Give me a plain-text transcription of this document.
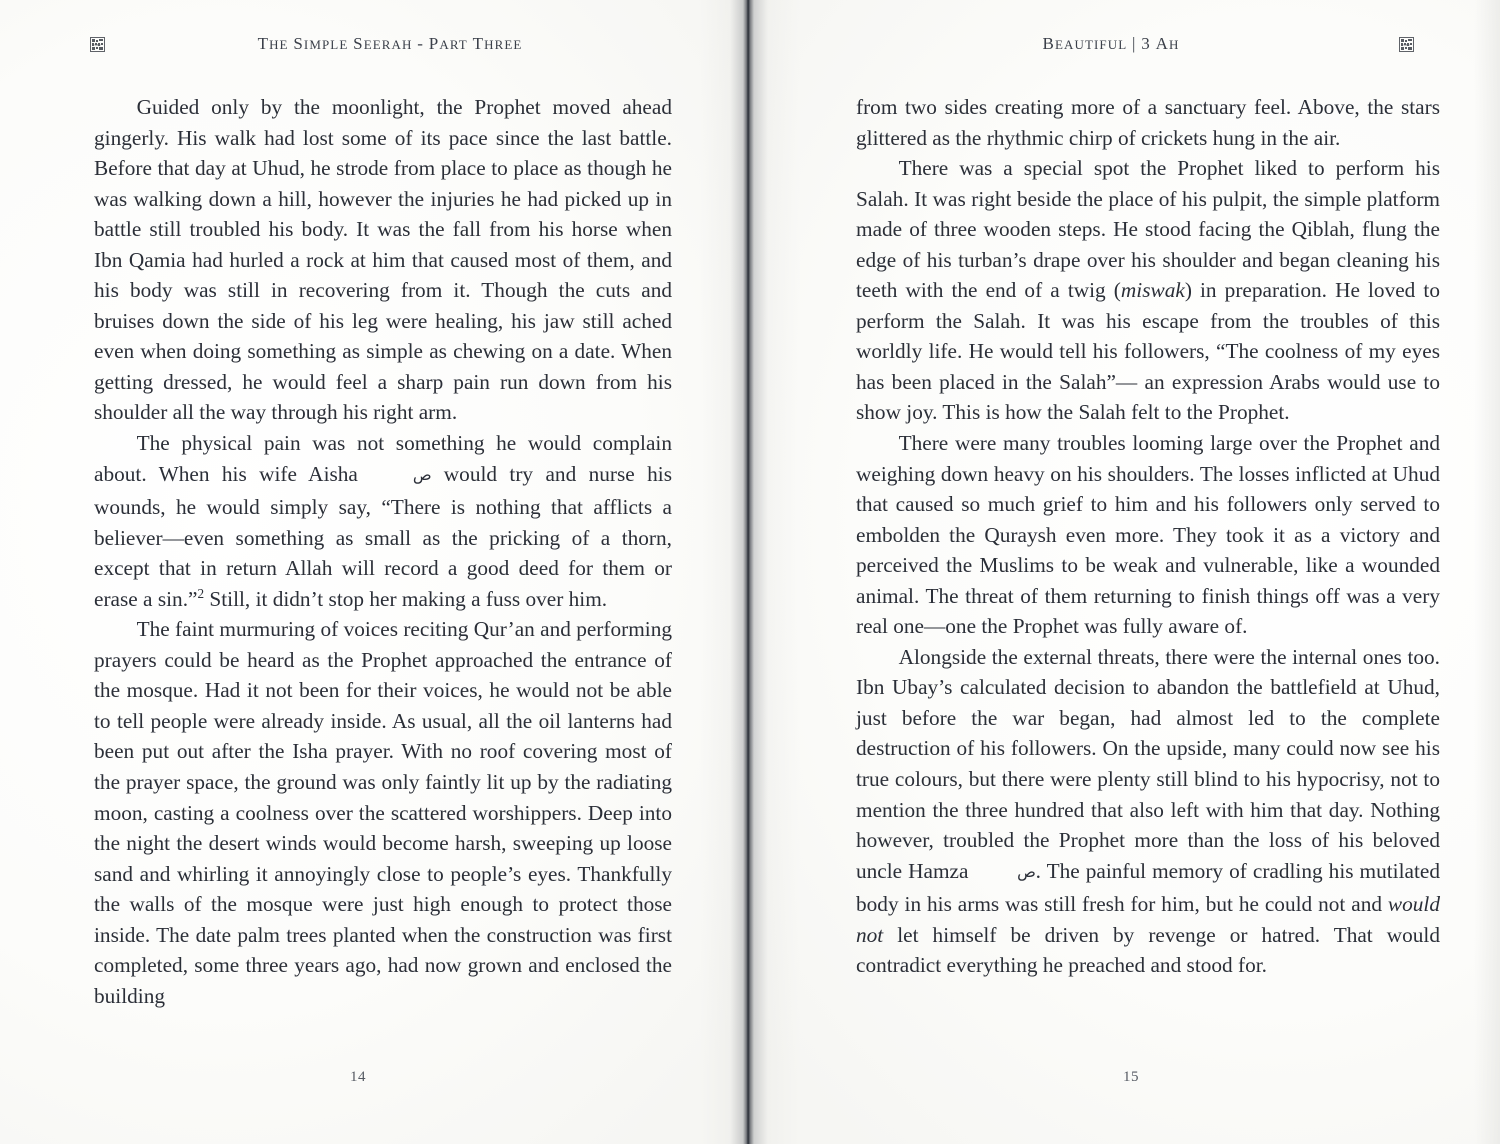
THE SIMPLE SEERAH - PART THREE

Guided only by the moonlight, the Prophet moved ahead gingerly. His walk had lost some of its pace since the last battle. Before that day at Uhud, he strode from place to place as though he was walking down a hill, however the injuries he had picked up in battle still troubled his body. It was the fall from his horse when Ibn Qamia had hurled a rock at him that caused most of them, and his body was still in recovering from it. Though the cuts and bruises down the side of his leg were healing, his jaw still ached even when doing something as simple as chewing on a date. When getting dressed, he would feel a sharp pain run down from his shoulder all the way through his right arm.

The physical pain was not something he would complain about. When his wife Aisha	ص would try and nurse his wounds, he would simply say, “There is nothing that afflicts a believer—even something as small as the pricking of a thorn, except that in return Allah will record a good deed for them or erase a sin.”$^2$ Still, it didn’t stop her making a fuss over him.

The faint murmuring of voices reciting Qur’an and performing prayers could be heard as the Prophet approached the entrance of the mosque. Had it not been for their voices, he would not be able to tell people were already inside. As usual, all the oil lanterns had been put out after the Isha prayer. With no roof covering most of the prayer space, the ground was only faintly lit up by the radiating moon, casting a coolness over the scattered worshippers. Deep into the night the desert winds would become harsh, sweeping up loose sand and whirling it annoyingly close to people’s eyes. Thankfully the walls of the mosque were just high enough to protect those inside. The date palm trees planted when the construction was first completed, some three years ago, had now grown and enclosed the building

14
BEAUTIFUL | 3 AH

from two sides creating more of a sanctuary feel. Above, the stars glittered as the rhythmic chirp of crickets hung in the air.

There was a special spot the Prophet liked to perform his Salah. It was right beside the place of his pulpit, the simple platform made of three wooden steps. He stood facing the Qiblah, flung the edge of his turban’s drape over his shoulder and began cleaning his teeth with the end of a twig (miswak) in preparation. He loved to perform the Salah. It was his escape from the troubles of this worldly life. He would tell his followers, “The coolness of my eyes has been placed in the Salah”— an expression Arabs would use to show joy. This is how the Salah felt to the Prophet.

There were many troubles looming large over the Prophet and weighing down heavy on his shoulders. The losses inflicted at Uhud that caused so much grief to him and his followers only served to embolden the Quraysh even more. They took it as a victory and perceived the Muslims to be weak and vulnerable, like a wounded animal. The threat of them returning to finish things off was a very real one—one the Prophet was fully aware of.

Alongside the external threats, there were the internal ones too. Ibn Ubay’s calculated decision to abandon the battlefield at Uhud, just before the war began, had almost led to the complete destruction of his followers. On the upside, many could now see his true colours, but there were plenty still blind to his hypocrisy, not to mention the three hundred that also left with him that day. Nothing however, troubled the Prophet more than the loss of his beloved uncle Hamza	ص. The painful memory of cradling his mutilated body in his arms was still fresh for him, but he could not and would not let himself be driven by revenge or hatred. That would contradict everything he preached and stood for.

15
